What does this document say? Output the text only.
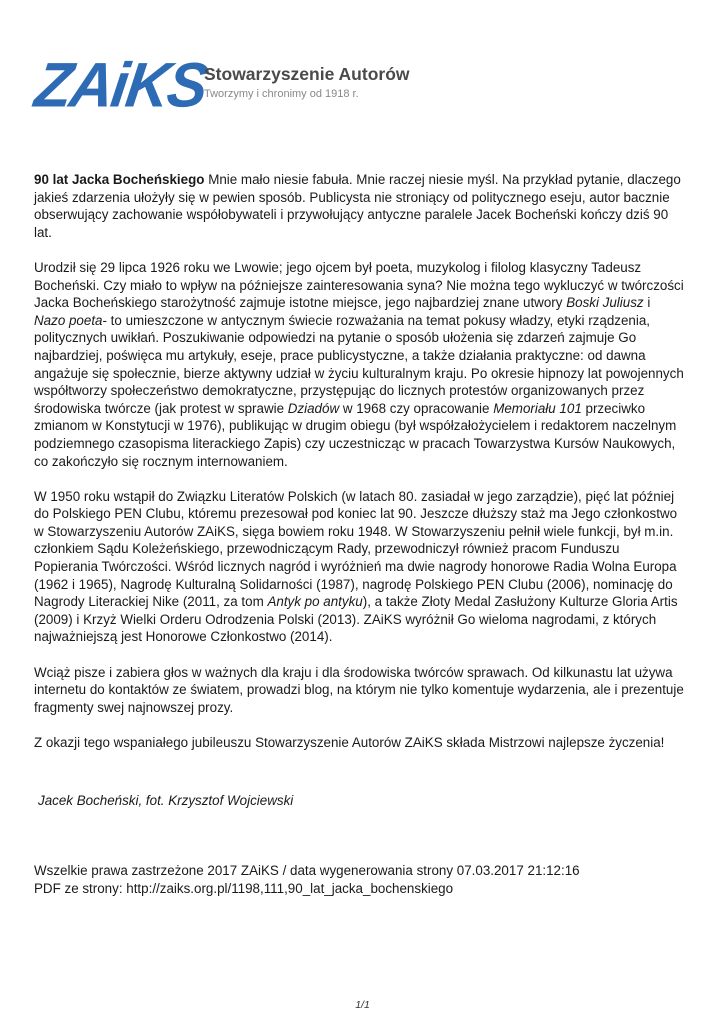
ZAiKS
Stowarzyszenie Autorów
Tworzymy i chronimy od 1918 r.

90 lat Jacka Bocheńskiego Mnie mało niesie fabuła. Mnie raczej niesie myśl. Na przykład pytanie, dlaczego jakieś zdarzenia ułożyły się w pewien sposób. Publicysta nie stroniący od politycznego eseju, autor bacznie obserwujący zachowanie współobywateli i przywołujący antyczne paralele Jacek Bocheński kończy dziś 90 lat.

Urodził się 29 lipca 1926 roku we Lwowie; jego ojcem był poeta, muzykolog i filolog klasyczny Tadeusz Bocheński. Czy miało to wpływ na późniejsze zainteresowania syna? Nie można tego wykluczyć w twórczości Jacka Bocheńskiego starożytność zajmuje istotne miejsce, jego najbardziej znane utwory Boski Juliusz i Nazo poeta- to umieszczone w antycznym świecie rozważania na temat pokusy władzy, etyki rządzenia, politycznych uwikłań. Poszukiwanie odpowiedzi na pytanie o sposób ułożenia się zdarzeń zajmuje Go najbardziej, poświęca mu artykuły, eseje, prace publicystyczne, a także działania praktyczne: od dawna angażuje się społecznie, bierze aktywny udział w życiu kulturalnym kraju. Po okresie hipnozy lat powojennych współtworzy społeczeństwo demokratyczne, przystępując do licznych protestów organizowanych przez środowiska twórcze (jak protest w sprawie Dziadów w 1968 czy opracowanie Memoriału 101 przeciwko zmianom w Konstytucji w 1976), publikując w drugim obiegu (był współzałożycielem i redaktorem naczelnym podziemnego czasopisma literackiego Zapis) czy uczestnicząc w pracach Towarzystwa Kursów Naukowych, co zakończyło się rocznym internowaniem.

W 1950 roku wstąpił do Związku Literatów Polskich (w latach 80. zasiadał w jego zarządzie), pięć lat później do Polskiego PEN Clubu, któremu prezesował pod koniec lat 90. Jeszcze dłuższy staż ma Jego członkostwo w Stowarzyszeniu Autorów ZAiKS, sięga bowiem roku 1948. W Stowarzyszeniu pełnił wiele funkcji, był m.in. członkiem Sądu Koleżeńskiego, przewodniczącym Rady, przewodniczył również pracom Funduszu Popierania Twórczości. Wśród licznych nagród i wyróżnień ma dwie nagrody honorowe Radia Wolna Europa (1962 i 1965), Nagrodę Kulturalną Solidarności (1987), nagrodę Polskiego PEN Clubu (2006), nominację do Nagrody Literackiej Nike (2011, za tom Antyk po antyku), a także Złoty Medal Zasłużony Kulturze Gloria Artis (2009) i Krzyż Wielki Orderu Odrodzenia Polski (2013). ZAiKS wyróżnił Go wieloma nagrodami, z których najważniejszą jest Honorowe Członkostwo (2014).

Wciąż pisze i zabiera głos w ważnych dla kraju i dla środowiska twórców sprawach. Od kilkunastu lat używa internetu do kontaktów ze światem, prowadzi blog, na którym nie tylko komentuje wydarzenia, ale i prezentuje fragmenty swej najnowszej prozy.

Z okazji tego wspaniałego jubileuszu Stowarzyszenie Autorów ZAiKS składa Mistrzowi najlepsze życzenia!

Jacek Bocheński, fot. Krzysztof Wojciewski
Wszelkie prawa zastrzeżone 2017 ZAiKS / data wygenerowania strony 07.03.2017 21:12:16
PDF ze strony: http://zaiks.org.pl/1198,111,90_lat_jacka_bochenskiego
1/1
